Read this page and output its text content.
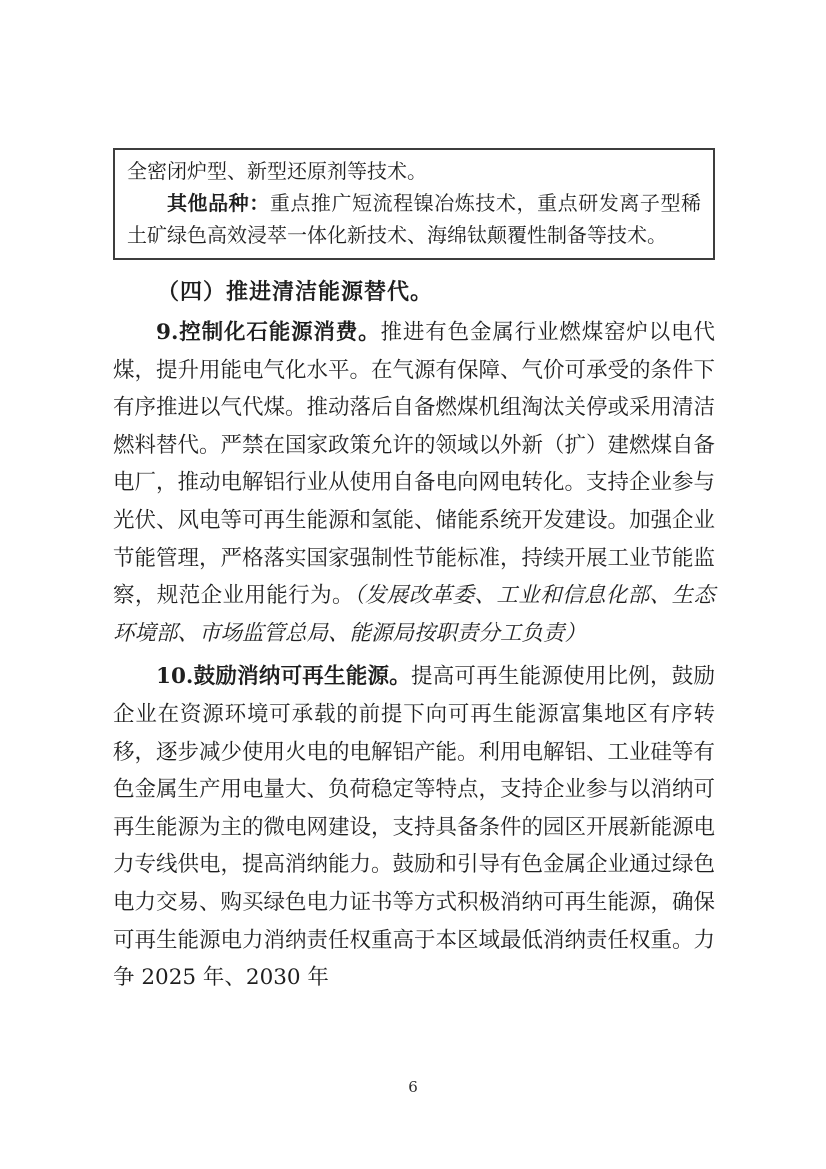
全密闭炉型、新型还原剂等技术。

其他品种：重点推广短流程镍冶炼技术，重点研发离子型稀土矿绿色高效浸萃一体化新技术、海绵钛颠覆性制备等技术。

（四）推进清洁能源替代。

9.控制化石能源消费。推进有色金属行业燃煤窑炉以电代煤，提升用能电气化水平。在气源有保障、气价可承受的条件下有序推进以气代煤。推动落后自备燃煤机组淘汰关停或采用清洁燃料替代。严禁在国家政策允许的领域以外新（扩）建燃煤自备电厂，推动电解铝行业从使用自备电向网电转化。支持企业参与光伏、风电等可再生能源和氢能、储能系统开发建设。加强企业节能管理，严格落实国家强制性节能标准，持续开展工业节能监察，规范企业用能行为。（发展改革委、工业和信息化部、生态环境部、市场监管总局、能源局按职责分工负责）

10.鼓励消纳可再生能源。提高可再生能源使用比例，鼓励企业在资源环境可承载的前提下向可再生能源富集地区有序转移，逐步减少使用火电的电解铝产能。利用电解铝、工业硅等有色金属生产用电量大、负荷稳定等特点，支持企业参与以消纳可再生能源为主的微电网建设，支持具备条件的园区开展新能源电力专线供电，提高消纳能力。鼓励和引导有色金属企业通过绿色电力交易、购买绿色电力证书等方式积极消纳可再生能源，确保可再生能源电力消纳责任权重高于本区域最低消纳责任权重。力争 2025 年、2030 年

6
